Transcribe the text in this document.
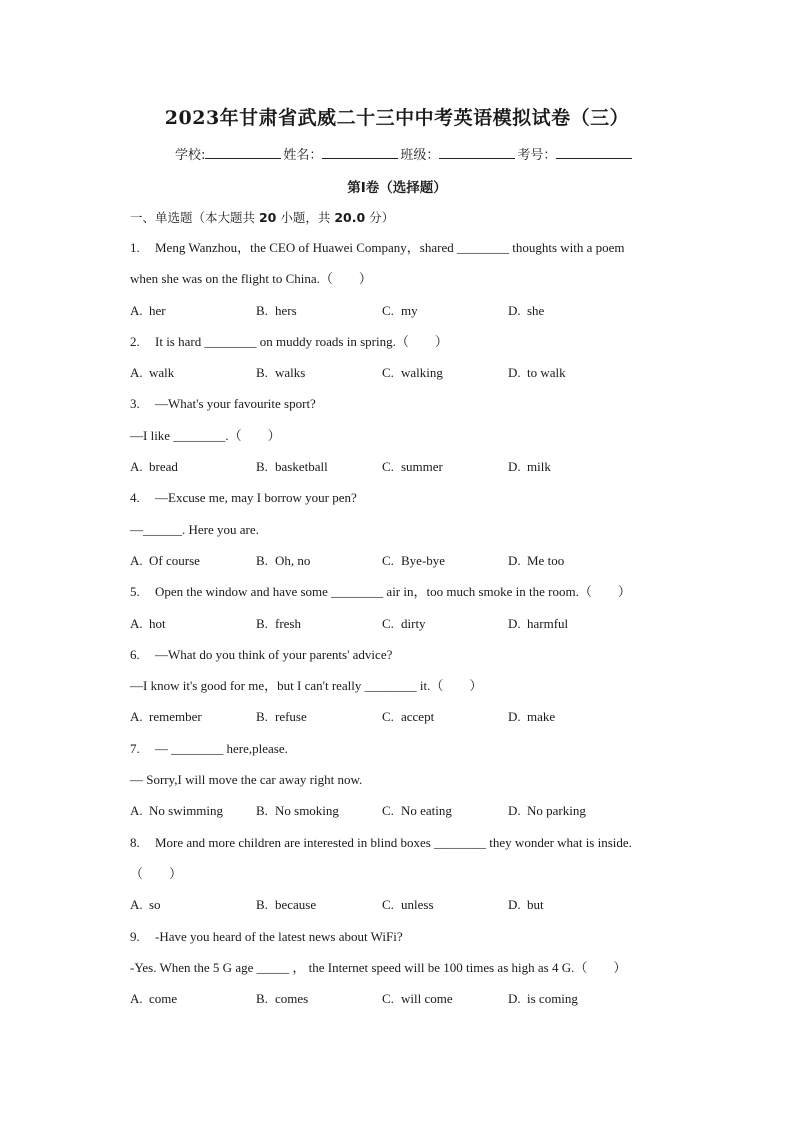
2023年甘肃省武威二十三中中考英语模拟试卷（三）
学校:	姓名：	班级：	考号：
第Ⅰ卷（选择题）
一、单选题（本大题共 20 小题，共 20.0 分）
1. Meng Wanzhou，the CEO of Huawei Company，shared ________ thoughts with a poem
when she was on the flight to China.（　　）
A. her	B. hers	C. my	D. she
2. It is hard ________ on muddy roads in spring.（　　）
A. walk	B. walks	C. walking	D. to walk
3. —What's your favourite sport?
—I like ________.（　　）
A. bread	B. basketball	C. summer	D. milk
4. —Excuse me, may I borrow your pen?
—______. Here you are.
A. Of course	B. Oh, no	C. Bye-bye	D. Me too
5. Open the window and have some ________ air in，too much smoke in the room.（　　）
A. hot	B. fresh	C. dirty	D. harmful
6. —What do you think of your parents' advice?
—I know it's good for me，but I can't really ________ it.（　　）
A. remember	B. refuse	C. accept	D. make
7. — ________ here,please.
— Sorry,I will move the car away right now.
A. No swimming	B. No smoking	C. No eating	D. No parking
8. More and more children are interested in blind boxes ________ they wonder what is inside.
（　　）
A. so	B. because	C. unless	D. but
9. -Have you heard of the latest news about WiFi?
-Yes. When the 5 G age _____ ， the Internet speed will be 100 times as high as 4 G.（　　）
A. come	B. comes	C. will come	D. is coming
